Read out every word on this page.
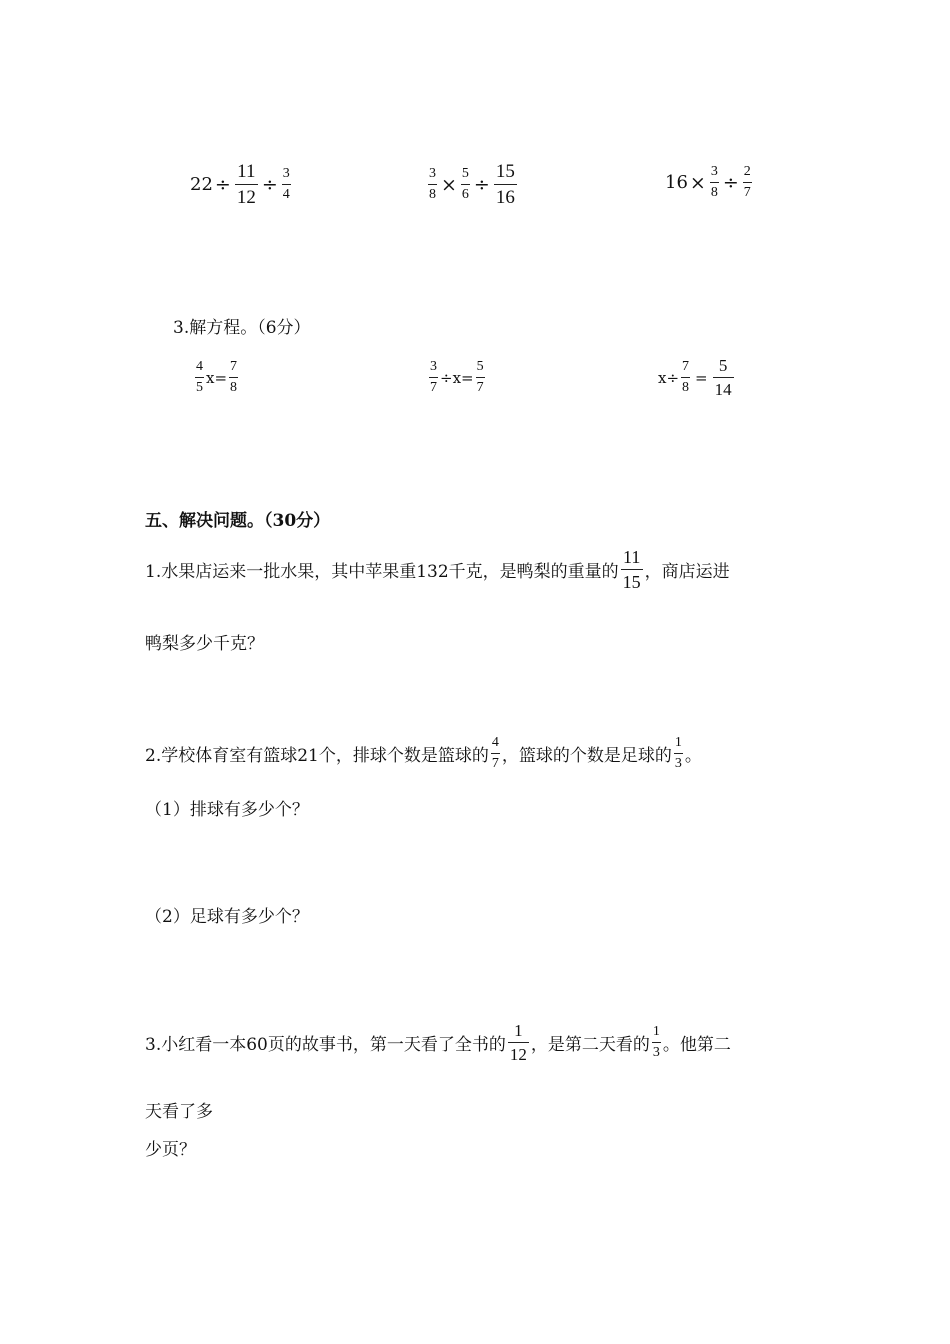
$22 \div \frac{11}{12} \div \frac{3}{4}$	$\frac{3}{8} \times \frac{5}{6} \div \frac{15}{16}$	$16 \times \frac{3}{8} \div \frac{2}{7}$
3.解方程。（6分）
$\frac{4}{5} x= \frac{7}{8}$	$\frac{3}{7} \div x= \frac{5}{7}$	$x\div \frac{7}{8} = \frac{5}{14}$
五、解决问题。（30分）
1.水果店运来一批水果，其中苹果重132千克，是鸭梨的重量的 $\frac{11}{15}$ ，商店运进
鸭梨多少千克？
2.学校体育室有篮球21个，排球个数是篮球的 $\frac{4}{7}$ ，篮球的个数是足球的 $\frac{1}{3}$ 。
（1）排球有多少个？
（2）足球有多少个？
3.小红看一本60页的故事书，第一天看了全书的 $\frac{1}{12}$ ，是第二天看的 $\frac{1}{3}$ 。他第二
天看了多
少页？
